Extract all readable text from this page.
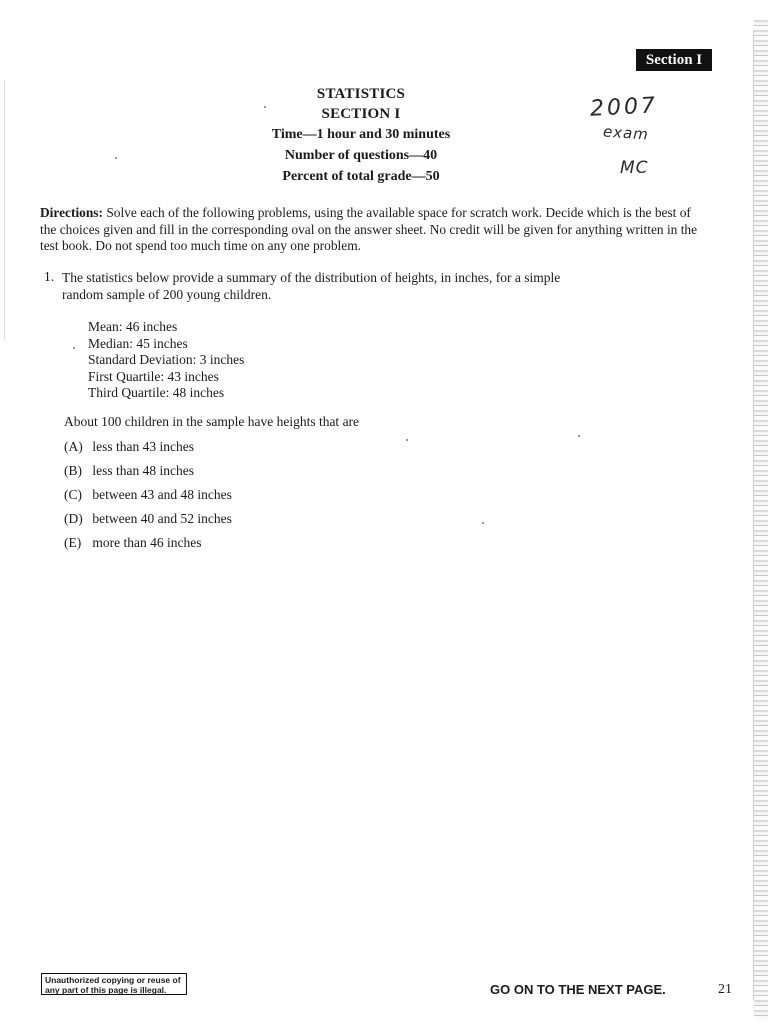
Section I
STATISTICS
SECTION I
Time—1 hour and 30 minutes
Number of questions—40
Percent of total grade—50
2007
exam
MC
Directions: Solve each of the following problems, using the available space for scratch work. Decide which is the best of the choices given and fill in the corresponding oval on the answer sheet. No credit will be given for anything written in the test book. Do not spend too much time on any one problem.
1. The statistics below provide a summary of the distribution of heights, in inches, for a simple random sample of 200 young children.
Mean: 46 inches
Median: 45 inches
Standard Deviation: 3 inches
First Quartile: 43 inches
Third Quartile: 48 inches
About 100 children in the sample have heights that are
(A) less than 43 inches
(B) less than 48 inches
(C) between 43 and 48 inches
(D) between 40 and 52 inches
(E) more than 46 inches
Unauthorized copying or reuse of
any part of this page is illegal.	GO ON TO THE NEXT PAGE.	21
